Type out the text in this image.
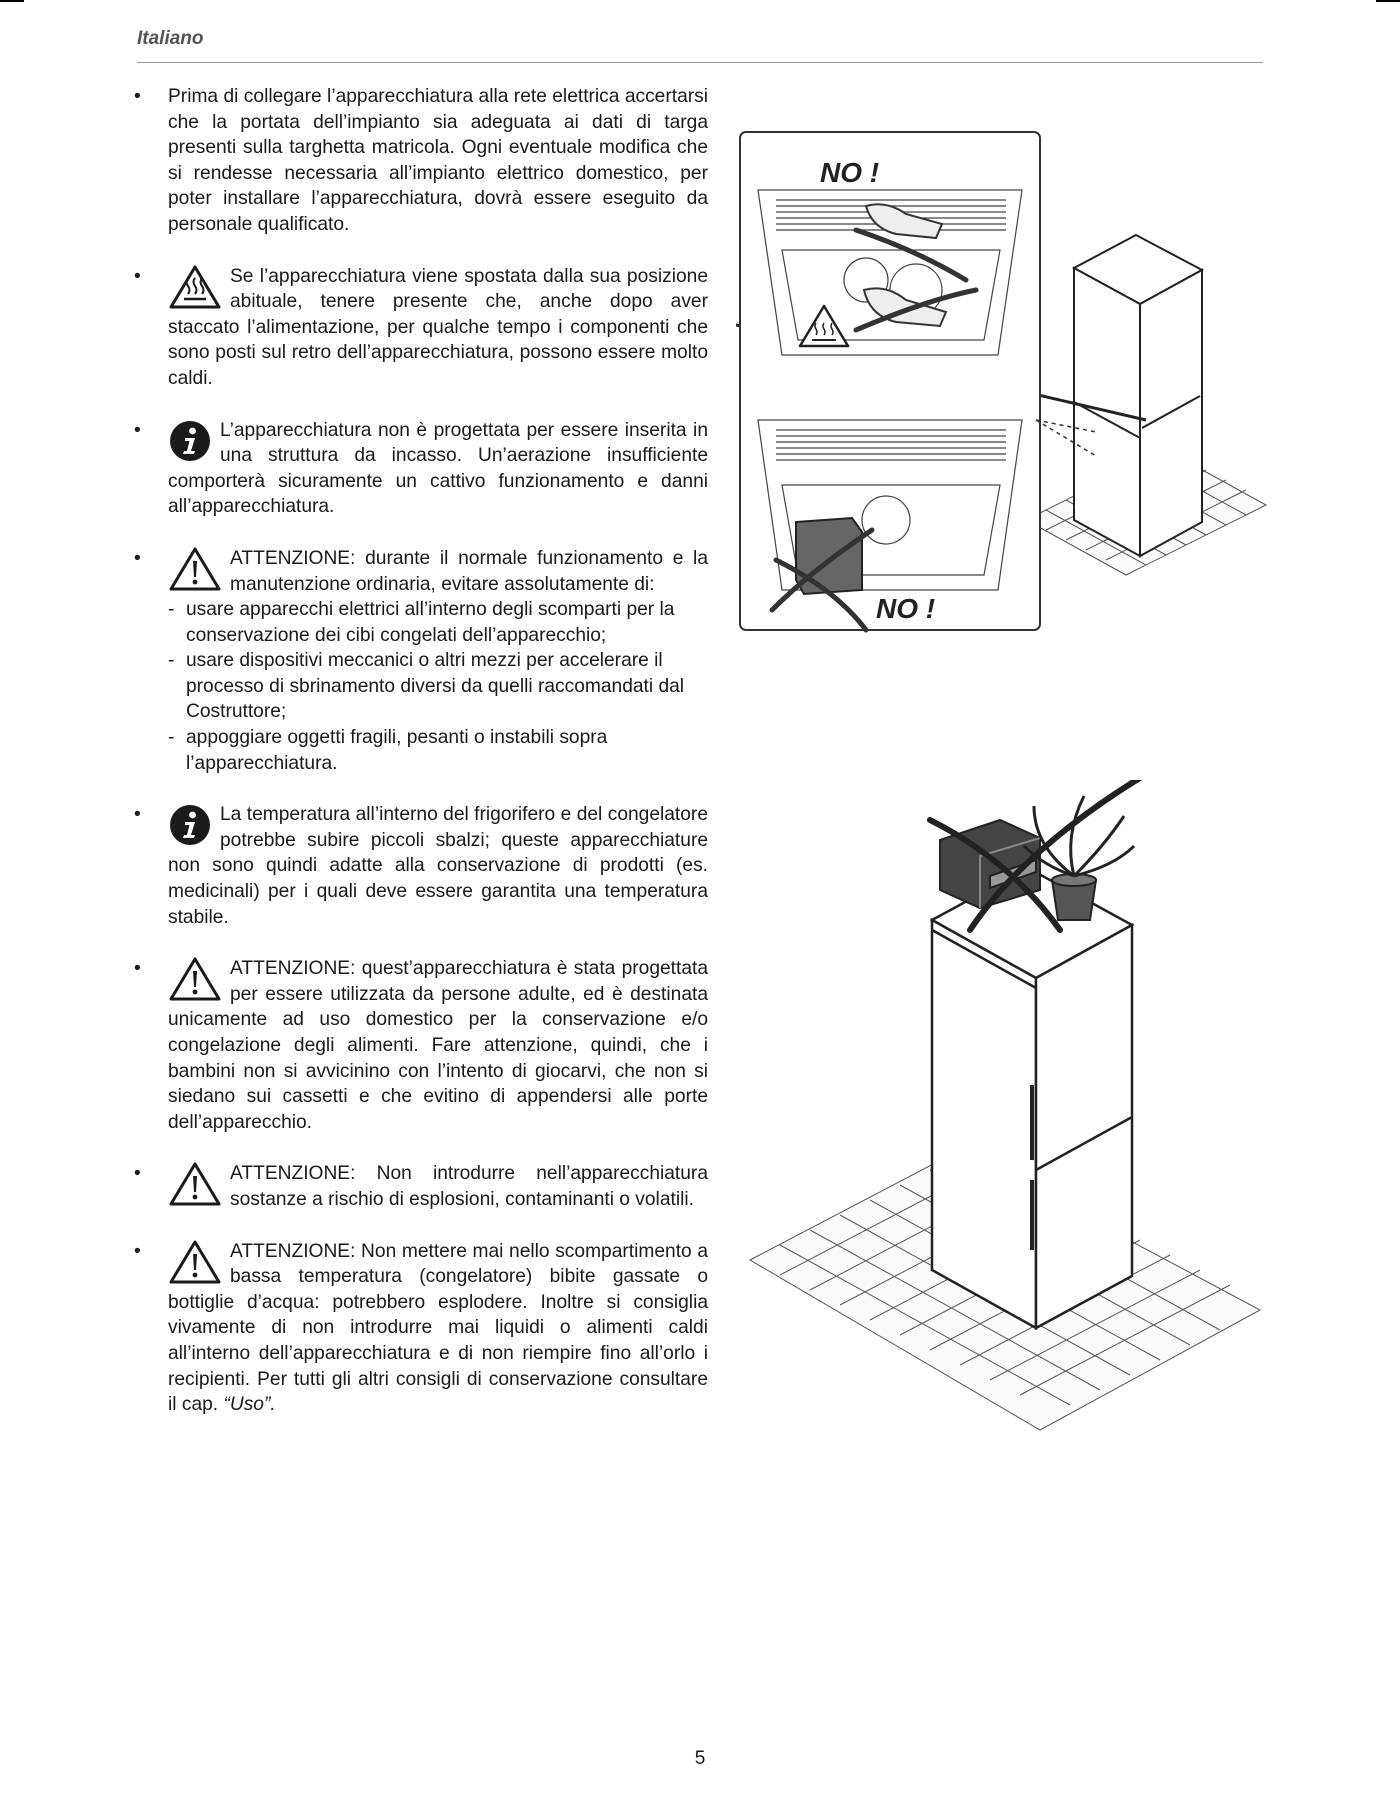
Italiano
• Prima di collegare l’apparecchiatura alla rete elettrica accertarsi che la portata dell’impianto sia adeguata ai dati di targa presenti sulla targhetta matricola. Ogni eventuale modifica che si rendesse necessaria all’impianto elettrico domestico, per poter installare l’apparecchiatura, dovrà essere eseguito da personale qualificato.

•	Se l’apparecchiatura viene spostata dalla sua posizione abituale, tenere presente che, anche dopo aver staccato l’alimentazione, per qualche tempo i componenti che sono posti sul retro dell’apparecchiatura, possono essere molto caldi.

•	L’apparecchiatura non è progettata per essere inserita in una struttura da incasso. Un’aerazione insufficiente comporterà sicuramente un cattivo funzionamento e danni all’apparecchiatura.

•	ATTENZIONE: durante il normale funzionamento e la manutenzione ordinaria, evitare assolutamente di:

- usare apparecchi elettrici all’interno degli scomparti per la conservazione dei cibi congelati dell’apparecchio;
- usare dispositivi meccanici o altri mezzi per accelerare il processo di sbrinamento diversi da quelli raccomandati dal Costruttore;
- appoggiare oggetti fragili, pesanti o instabili sopra l’apparecchiatura.
•	La temperatura all’interno del frigorifero e del congelatore potrebbe subire piccoli sbalzi; queste apparecchiature non sono quindi adatte alla conservazione di prodotti (es. medicinali) per i quali deve essere garantita una temperatura stabile.

•	ATTENZIONE: quest’apparecchiatura è stata progettata per essere utilizzata da persone adulte, ed è destinata unicamente ad uso domestico per la conservazione e/o congelazione degli alimenti. Fare attenzione, quindi, che i bambini non si avvicinino con l’intento di giocarvi, che non si siedano sui cassetti e che evitino di appendersi alle porte dell’apparecchio.

•	ATTENZIONE: Non introdurre nell’apparecchiatura sostanze a rischio di esplosioni, contaminanti o volatili.

•	ATTENZIONE: Non mettere mai nello scompartimento a bassa temperatura (congelatore) bibite gassate o bottiglie d’acqua: potrebbero esplodere. Inoltre si consiglia vivamente di non introdurre mai liquidi o alimenti caldi all’interno dell’apparecchiatura e di non riempire fino all’orlo i recipienti. Per tutti gli altri consigli di conservazione consultare il cap. “Uso”.

NO !
NO !
5
